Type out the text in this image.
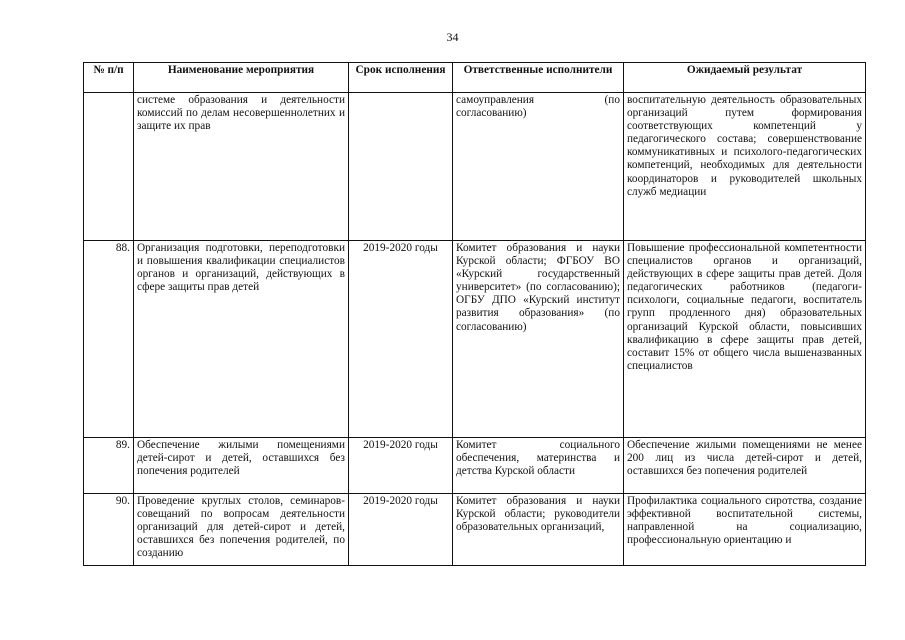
34
№ п/п	Наименование мероприятия	Срок исполнения	Ответственные исполнители	Ожидаемый результат
	системе образования и деятельности комиссий по делам несовершеннолетних и защите их прав		самоуправления (по согласованию)	воспитательную деятельность образовательных организаций путем формирования соответствующих компетенций у педагогического состава; совершенствование коммуникативных и психолого-педагогических компетенций, необходимых для деятельности координаторов и руководителей школьных служб медиации
88.	Организация подготовки, переподготовки и повышения квалификации специалистов органов и организаций, действующих в сфере защиты прав детей	2019-2020 годы	Комитет образования и науки Курской области; ФГБОУ ВО «Курский государственный университет» (по согласованию); ОГБУ ДПО «Курский институт развития образования» (по согласованию)	Повышение профессиональной компетентности специалистов органов и организаций, действующих в сфере защиты прав детей. Доля педагогических работников (педагоги-психологи, социальные педагоги, воспитатель групп продленного дня) образовательных организаций Курской области, повысивших квалификацию в сфере защиты прав детей, составит 15% от общего числа вышеназванных специалистов
89.	Обеспечение жилыми помещениями детей-сирот и детей, оставшихся без попечения родителей	2019-2020 годы	Комитет социального обеспечения, материнства и детства Курской области	Обеспечение жилыми помещениями не менее 200 лиц из числа детей-сирот и детей, оставшихся без попечения родителей
90.	Проведение круглых столов, семинаров-совещаний по вопросам деятельности организаций для детей-сирот и детей, оставшихся без попечения родителей, по созданию	2019-2020 годы	Комитет образования и науки Курской области; руководители образовательных организаций,	Профилактика социального сиротства, создание эффективной воспитательной системы, направленной на социализацию, профессиональную ориентацию и
